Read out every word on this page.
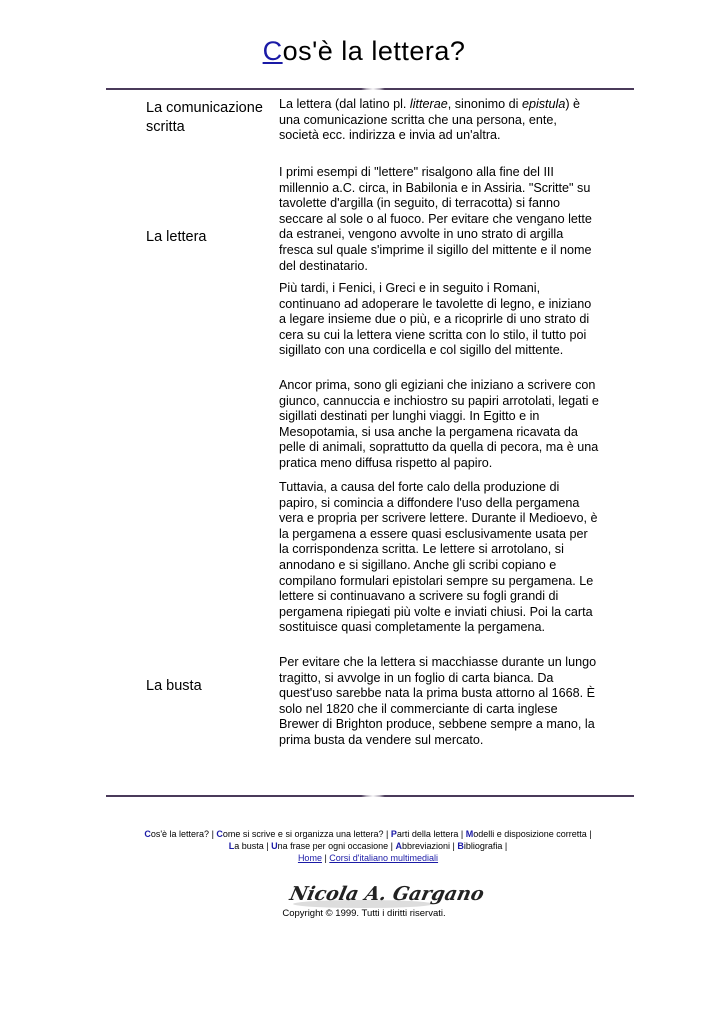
Cos'è la lettera?
La comunicazione scritta
La lettera
La busta
La lettera (dal latino pl. litterae, sinonimo di epistula) è una comunicazione scritta che una persona, ente, società ecc. indirizza e invia ad un'altra.
I primi esempi di "lettere" risalgono alla fine del III millennio a.C. circa, in Babilonia e in Assiria. "Scritte" su tavolette d'argilla (in seguito, di terracotta) si fanno seccare al sole o al fuoco. Per evitare che vengano lette da estranei, vengono avvolte in uno strato di argilla fresca sul quale s'imprime il sigillo del mittente e il nome del destinatario.
Più tardi, i Fenici, i Greci e in seguito i Romani, continuano ad adoperare le tavolette di legno, e iniziano a legare insieme due o più, e a ricoprirle di uno strato di cera su cui la lettera viene scritta con lo stilo, il tutto poi sigillato con una cordicella e col sigillo del mittente.
Ancor prima, sono gli egiziani che iniziano a scrivere con giunco, cannuccia e inchiostro su papiri arrotolati, legati e sigillati destinati per lunghi viaggi. In Egitto e in Mesopotamia, si usa anche la pergamena ricavata da pelle di animali, soprattutto da quella di pecora, ma è una pratica meno diffusa rispetto al papiro.
Tuttavia, a causa del forte calo della produzione di papiro, si comincia a diffondere l'uso della pergamena vera e propria per scrivere lettere. Durante il Medioevo, è la pergamena a essere quasi esclusivamente usata per la corrispondenza scritta. Le lettere si arrotolano, si annodano e si sigillano. Anche gli scribi copiano e compilano formulari epistolari sempre su pergamena. Le lettere si continuavano a scrivere su fogli grandi di pergamena ripiegati più volte e inviati chiusi. Poi la carta sostituisce quasi completamente la pergamena.
Per evitare che la lettera si macchiasse durante un lungo tragitto, si avvolge in un foglio di carta bianca. Da quest'uso sarebbe nata la prima busta attorno al 1668. È solo nel 1820 che il commerciante di carta inglese Brewer di Brighton produce, sebbene sempre a mano, la prima busta da vendere sul mercato.
Cos'è la lettera? | Come si scrive e si organizza una lettera? | Parti della lettera | Modelli e disposizione corretta |
La busta | Una frase per ogni occasione | Abbreviazioni | Bibliografia |
Home | Corsi d'italiano multimediali
Nicola A. Gargano
Copyright © 1999. Tutti i diritti riservati.
